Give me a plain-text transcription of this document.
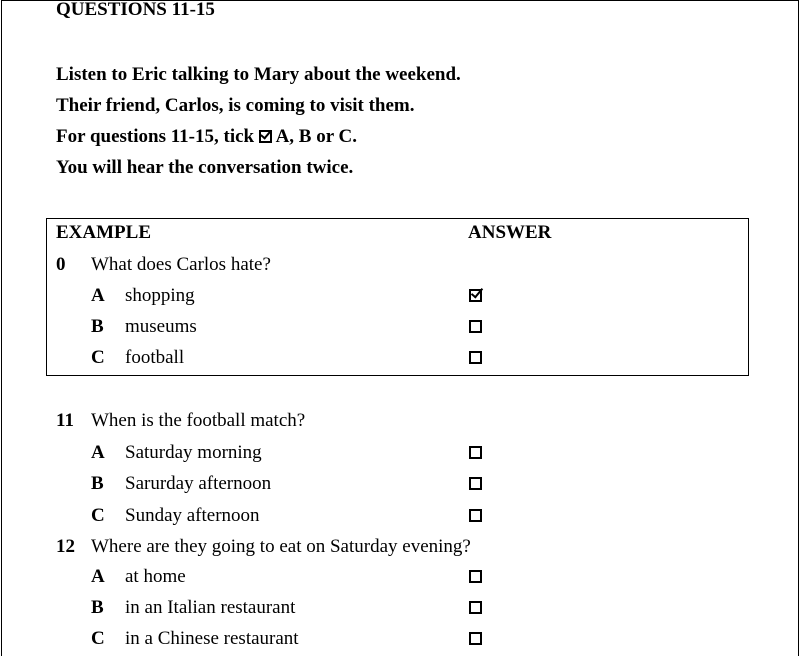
QUESTIONS 11-15
Listen to Eric talking to Mary about the weekend.
Their friend, Carlos, is coming to visit them.
For questions 11-15, tick A, B or C.
You will hear the conversation twice.
EXAMPLE	ANSWER
0 What does Carlos hate?
A shopping
B museums
C football
11 When is the football match?
A Saturday morning
B Sarurday afternoon
C Sunday afternoon
12 Where are they going to eat on Saturday evening?
A at home
B in an Italian restaurant
C in a Chinese restaurant
